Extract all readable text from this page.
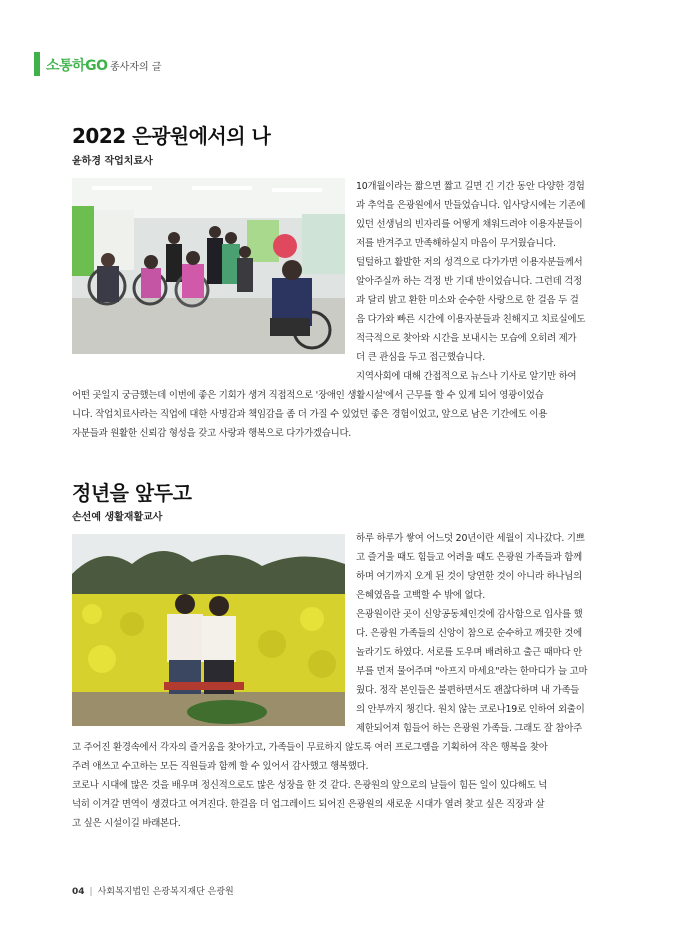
소통하GO 종사자의 글
2022 은광원에서의 나
윤하경 작업치료사
10개월이라는 짧으면 짧고 길면 긴 기간 동안 다양한 경험
과 추억을 은광원에서 만들었습니다. 입사당시에는 기존에
있던 선생님의 빈자리를 어떻게 채워드려야 이용자분들이
저를 반겨주고 만족해하실지 마음이 무거웠습니다.
털털하고 활발한 저의 성격으로 다가가면 이용자분들께서
알아주실까 하는 걱정 반 기대 반이었습니다. 그런데 걱정
과 달리 밝고 환한 미소와 순수한 사랑으로 한 걸음 두 걸
음 다가와 빠른 시간에 이용자분들과 친해지고 치료실에도
적극적으로 찾아와 시간을 보내시는 모습에 오히려 제가
더 큰 관심을 두고 접근했습니다.
지역사회에 대해 간접적으로 뉴스나 기사로 알기만 하여
어떤 곳일지 궁금했는데 이번에 좋은 기회가 생겨 직접적으로 '장애인 생활시설'에서 근무를 할 수 있게 되어 영광이었습
니다. 작업치료사라는 직업에 대한 사명감과 책임감을 좀 더 가질 수 있었던 좋은 경험이었고, 앞으로 남은 기간에도 이용
자분들과 원활한 신뢰감 형성을 갖고 사랑과 행복으로 다가가겠습니다.
정년을 앞두고
손선예 생활재활교사
하루 하루가 쌓여 어느덧 20년이란 세월이 지나갔다. 기쁘
고 즐거울 때도 힘들고 어려울 때도 은광원 가족들과 함께
하며 여기까지 오게 된 것이 당연한 것이 아니라 하나님의
은혜였음을 고백할 수 밖에 없다.
은광원이란 곳이 신앙공동체인것에 감사함으로 입사를 했
다. 은광원 가족들의 신앙이 참으로 순수하고 깨끗한 것에
놀라기도 하였다. 서로를 도우며 배려하고 출근 때마다 안
부를 먼저 물어주며 "아프지 마세요"라는 한마디가 늘 고마
웠다. 정작 본인들은 불편하면서도 괜찮다하며 내 가족들
의 안부까지 챙긴다. 원치 않는 코로나19로 인하여 외출이
제한되어져 힘들어 하는 은광원 가족들. 그래도 잘 참아주
고 주어진 환경속에서 각자의 즐거움을 찾아가고, 가족들이 무료하지 않도록 여러 프로그램을 기획하여 작은 행복을 찾아
주려 애쓰고 수고하는 모든 직원들과 함께 할 수 있어서 감사했고 행복했다.
코로나 시대에 많은 것을 배우며 정신적으로도 많은 성장을 한 것 같다. 은광원의 앞으로의 날들이 힘든 일이 있다해도 넉
넉히 이겨갈 면역이 생겼다고 여겨진다. 한걸음 더 업그레이드 되어진 은광원의 새로운 시대가 열려 찾고 싶은 직장과 살
고 싶은 시설이길 바래본다.
04 | 사회복지법인 은광복지재단 은광원
